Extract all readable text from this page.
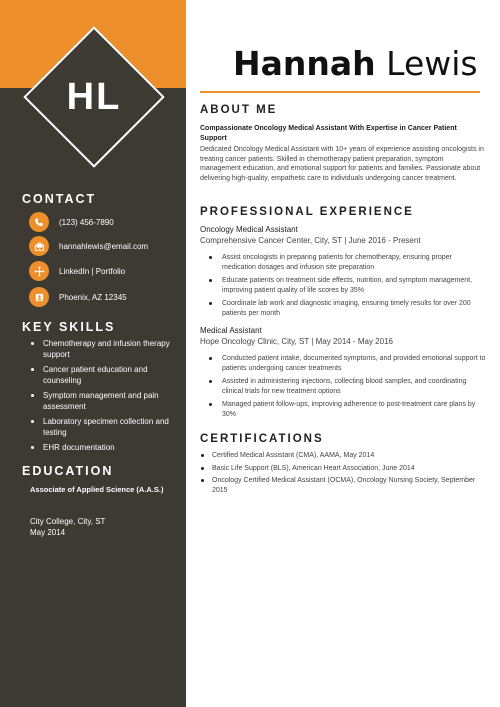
HL
CONTACT
(123) 456-7890
hannahlewis@email.com
LinkedIn | Portfolio
Phoenix, AZ 12345
KEY SKILLS
Chemotherapy and infusion therapy support
Cancer patient education and counseling
Symptom management and pain assessment
Laboratory specimen collection and testing
EHR documentation
EDUCATION
Associate of Applied Science (A.A.S.)
City College, City, ST
May 2014
Hannah Lewis
ABOUT ME
Compassionate Oncology Medical Assistant With Expertise in Cancer Patient Support
Dedicated Oncology Medical Assistant with 10+ years of experience assisting oncologists in treating cancer patients. Skilled in chemotherapy patient preparation, symptom management education, and emotional support for patients and families. Passionate about delivering high-quality, empathetic care to individuals undergoing cancer treatment.
PROFESSIONAL EXPERIENCE
Oncology Medical Assistant
Comprehensive Cancer Center, City, ST | June 2016 - Present
Assist oncologists in preparing patients for chemotherapy, ensuring proper medication dosages and infusion site preparation
Educate patients on treatment side effects, nutrition, and symptom management, improving patient quality of life scores by 35%
Coordinate lab work and diagnostic imaging, ensuring timely results for over 200 patients per month
Medical Assistant
Hope Oncology Clinic, City, ST | May 2014 - May 2016
Conducted patient intake, documented symptoms, and provided emotional support to patients undergoing cancer treatments
Assisted in administering injections, collecting blood samples, and coordinating clinical trials for new treatment options
Managed patient follow-ups, improving adherence to post-treatment care plans by 30%
CERTIFICATIONS
Certified Medical Assistant (CMA), AAMA, May 2014
Basic Life Support (BLS), American Heart Association, June 2014
Oncology Certified Medical Assistant (OCMA), Oncology Nursing Society, September 2015
